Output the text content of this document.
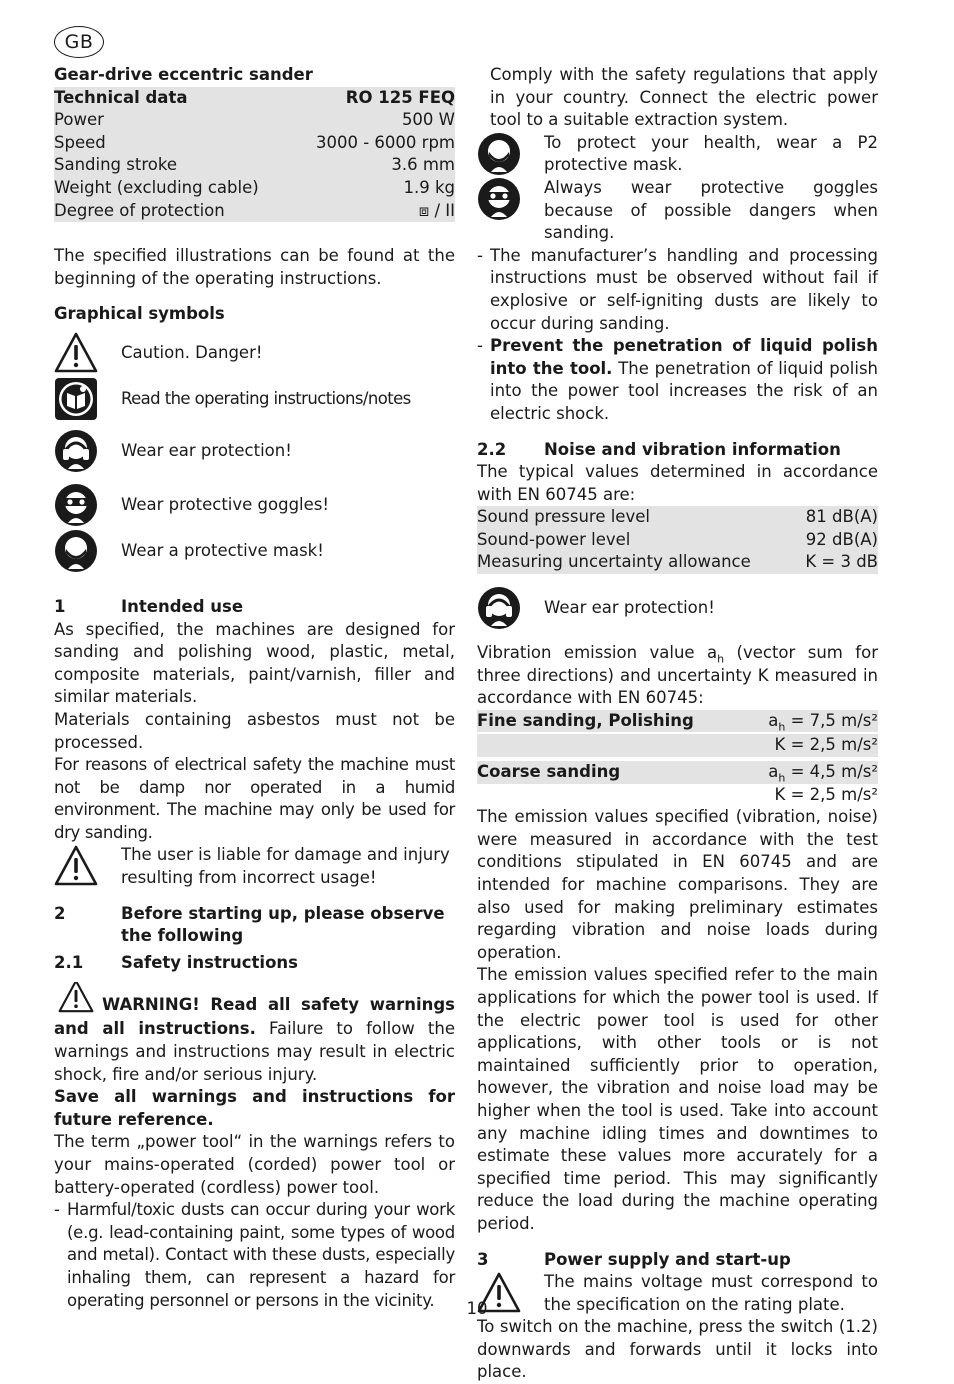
GB

Gear-drive eccentric sander

Technical data	RO 125 FEQ
Power	500 W
Speed	3000 - 6000 rpm
Sanding stroke	3.6 mm
Weight (excluding cable)	1.9 kg
Degree of protection	⧈ / II

The specified illustrations can be found at the beginning of the operating instructions.

Graphical symbols

Caution. Danger!
Read the operating instructions/notes
Wear ear protection!
Wear protective goggles!
Wear a protective mask!
1	Intended use

As specified, the machines are designed for sanding and polishing wood, plastic, metal, composite materials, paint/varnish, filler and similar materials.

Materials containing asbestos must not be processed.

For reasons of electrical safety the machine must not be damp nor operated in a humid environment. The machine may only be used for dry sanding.

The user is liable for damage and injury resulting from incorrect usage!
2	Before starting up, please observe the following
2.1	Safety instructions

WARNING! Read all safety warnings and all instructions. Failure to follow the warnings and instructions may result in electric shock, fire and/or serious injury.

Save all warnings and instructions for future reference.

The term „power tool“ in the warnings refers to your mains-operated (corded) power tool or battery-operated (cordless) power tool.

- Harmful/toxic dusts can occur during your work (e.g. lead-containing paint, some types of wood and metal). Contact with these dusts, especially inhaling them, can represent a hazard for operating personnel or persons in the vicinity.
Comply with the safety regulations that apply in your country. Connect the electric power tool to a suitable extraction system.
To protect your health, wear a P2 protective mask.
Always wear protective goggles because of possible dangers when sanding.
- The manufacturer’s handling and processing instructions must be observed without fail if explosive or self-igniting dusts are likely to occur during sanding.
- Prevent the penetration of liquid polish into the tool. The penetration of liquid polish into the power tool increases the risk of an electric shock.
2.2	Noise and vibration information

The typical values determined in accordance with EN 60745 are:

Sound pressure level	81 dB(A)
Sound-power level	92 dB(A)
Measuring uncertainty allowance	K = 3 dB
Wear ear protection!

Vibration emission value $a_h$ (vector sum for three directions) and uncertainty K measured in accordance with EN 60745:

Fine sanding, Polishing	$a_h = 7,5$ m/s²
K = 2,5 m/s²
Coarse sanding	$a_h = 4,5$ m/s²
K = 2,5 m/s²

The emission values specified (vibration, noise) were measured in accordance with the test conditions stipulated in EN 60745 and are intended for machine comparisons. They are also used for making preliminary estimates regarding vibration and noise loads during operation.

The emission values specified refer to the main applications for which the power tool is used. If the electric power tool is used for other applications, with other tools or is not maintained sufficiently prior to operation, however, the vibration and noise load may be higher when the tool is used. Take into account any machine idling times and downtimes to estimate these values more accurately for a specified time period. This may significantly reduce the load during the machine operating period.

3	Power supply and start-up
The mains voltage must correspond to the specification on the rating plate.

To switch on the machine, press the switch (1.2) downwards and forwards until it locks into place.

10
